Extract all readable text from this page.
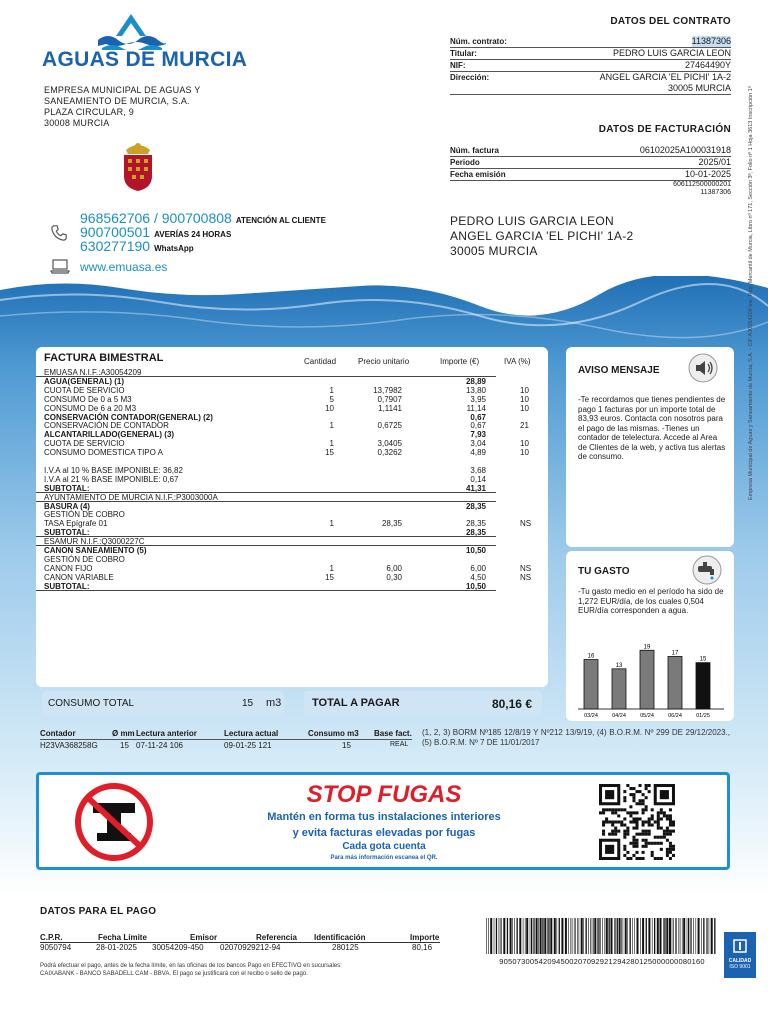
AGUAS DE MURCIA
EMPRESA MUNICIPAL DE AGUAS Y
SANEAMIENTO DE MURCIA, S.A.
PLAZA CIRCULAR, 9
30008 MURCIA
968562706 / 900700808 ATENCIÓN AL CLIENTE
900700501 AVERÍAS 24 HORAS
630277190 WhatsApp
www.emuasa.es
DATOS DEL CONTRATO
Núm. contrato:	11387306
Titular:	PEDRO LUIS GARCIA LEON
NIF:	27464490Y
Dirección:	ANGEL GARCIA 'EL PICHI' 1A-2
30005 MURCIA
DATOS DE FACTURACIÓN
Núm. factura	06102025A100031918
Periodo	2025/01
Fecha emisión	10-01-2025
606112500000201
11387306
PEDRO LUIS GARCIA LEON
ANGEL GARCIA 'EL PICHI' 1A-2
30005 MURCIA
FACTURA BIMESTRAL	Cantidad	Precio unitario	Importe (€)	IVA (%)
EMUASA N.I.F.:A30054209
AGUA(GENERAL) (1)	28,89
CUOTA DE SERVICIO	1	13,7982	13,80	10
CONSUMO De 0 a 5 M3	5	0,7907	3,95	10
CONSUMO De 6 a 20 M3	10	1,1141	11,14	10
CONSERVACIÓN CONTADOR(GENERAL) (2)	0,67
CONSERVACIÓN DE CONTADOR	1	0,6725	0,67	21
ALCANTARILLADO(GENERAL) (3)	7,93
CUOTA DE SERVICIO	1	3,0405	3,04	10
CONSUMO DOMESTICA TIPO A	15	0,3262	4,89	10
I.V.A al 10 % BASE IMPONIBLE: 36,82	3,68
I.V.A al 21 % BASE IMPONIBLE: 0,67	0,14
SUBTOTAL:	41,31
AYUNTAMIENTO DE MURCIA N.I.F.:P3003000A
BASURA (4)	28,35
GESTIÓN DE COBRO
TASA Epígrafe 01	1	28,35	28,35	NS
SUBTOTAL:	28,35
ESAMUR N.I.F.:Q3000227C
CANON SANEAMIENTO (5)	10,50
GESTIÓN DE COBRO
CANON FIJO	1	6,00	6,00	NS
CANON VARIABLE	15	0,30	4,50	NS
SUBTOTAL:	10,50
CONSUMO TOTAL	15 m3	TOTAL A PAGAR	80,16 €
AVISO MENSAJE
-Te recordamos que tienes pendientes de pago 1 facturas por un importe total de 83,93 euros. Contacta con nosotros para el pago de las mismas. -Tienes un contador de telelectura. Accede al Area de Clientes de la web, y activa tus alertas de consumo.
TU GASTO
-Tu gasto medio en el período ha sido de 1,272 EUR/día, de los cuales 0,504 EUR/día corresponden a agua.
16
03/24
13
04/24
19
05/24
17
06/24
15
01/25
Contador	Ø mm Lectura anterior	Lectura actual	Consumo m3 Base fact.
H23VA368258G	15 07-11-24 106	09-01-25 121	15	REAL
(1, 2, 3) BORM Nº185 12/8/19 Y Nº212 13/9/19, (4) B.O.R.M. Nº 299 DE 29/12/2023., (5) B.O.R.M. Nº 7 DE 11/01/2017
STOP FUGAS
Mantén en forma tus instalaciones interiores
y evita facturas elevadas por fugas
Cada gota cuenta
Para más información escanea el QR.
DATOS PARA EL PAGO
C.P.R.	Fecha Límite	Emisor	Referencia Identificación	Importe
9050794	28-01-2025 30054209-450 02070929212-94	280125	80,16
Podrá efectuar el pago, antes de la fecha límite, en las oficinas de los bancos Pago en EFECTIVO en sucursales:
CAIXABANK - BANCO SABADELL CAM - BBVA. El pago se justificará con el recibo o sello de pago.
90507300542094500207092921294280125000000080160	CALIDAD
ISO 9001
Empresa Municipal de Aguas y Saneamiento de Murcia, S.A. - CIF A30054209 Ins. Reg. Mercantil de Murcia, Libro nº 171, Sección 3ª, Folio nº 1 Hoja 3613 Inscripción 1ª
